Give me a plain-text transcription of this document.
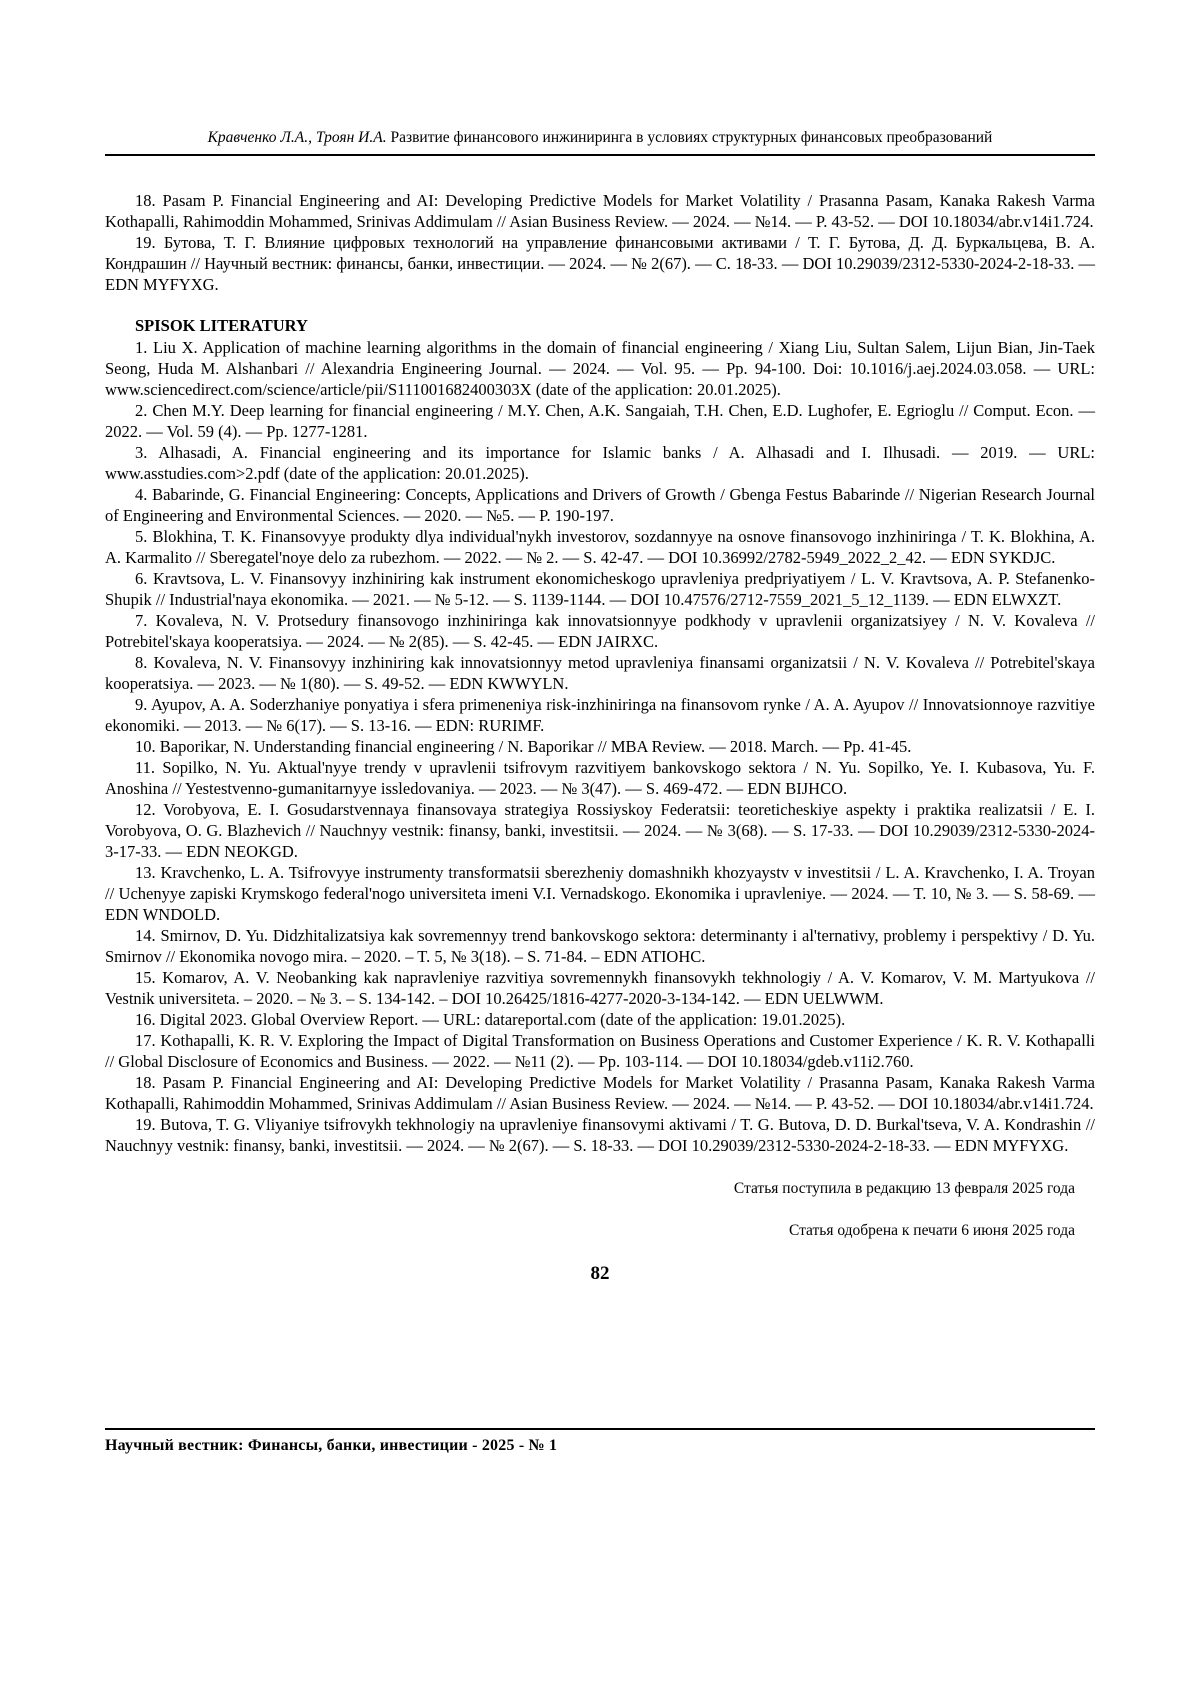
Кравченко Л.А., Троян И.А. Развитие финансового инжиниринга в условиях структурных финансовых преобразований

18. Pasam P. Financial Engineering and AI: Developing Predictive Models for Market Volatility / Prasanna Pasam, Kanaka Rakesh Varma Kothapalli, Rahimoddin Mohammed, Srinivas Addimulam // Asian Business Review. — 2024. — №14. — P. 43-52. — DOI 10.18034/abr.v14i1.724.

19. Бутова, Т. Г. Влияние цифровых технологий на управление финансовыми активами / Т. Г. Бутова, Д. Д. Буркальцева, В. А. Кондрашин // Научный вестник: финансы, банки, инвестиции. — 2024. — № 2(67). — С. 18-33. — DOI 10.29039/2312-5330-2024-2-18-33. — EDN MYFYXG.

SPISOK LITERATURY

1. Liu X. Application of machine learning algorithms in the domain of financial engineering / Xiang Liu, Sultan Salem, Lijun Bian, Jin-Taek Seong, Huda M. Alshanbari // Alexandria Engineering Journal. — 2024. — Vol. 95. — Pp. 94-100. Doi: 10.1016/j.aej.2024.03.058. — URL: www.sciencedirect.com/science/article/pii/S111001682400303X (date of the application: 20.01.2025).

2. Chen M.Y. Deep learning for financial engineering / M.Y. Chen, A.K. Sangaiah, T.H. Chen, E.D. Lughofer, E. Egrioglu // Comput. Econ. — 2022. — Vol. 59 (4). — Pp. 1277-1281.

3. Alhasadi, A. Financial engineering and its importance for Islamic banks / A. Alhasadi and I. Ilhusadi. — 2019. — URL: www.asstudies.com>2.pdf (date of the application: 20.01.2025).

4. Babarinde, G. Financial Engineering: Concepts, Applications and Drivers of Growth / Gbenga Festus Babarinde // Nigerian Research Journal of Engineering and Environmental Sciences. — 2020. — №5. — P. 190-197.

5. Blokhina, T. K. Finansovyye produkty dlya individual'nykh investorov, sozdannyye na osnove finansovogo inzhiniringa / T. K. Blokhina, A. A. Karmalito // Sberegatel'noye delo za rubezhom. — 2022. — № 2. — S. 42-47. — DOI 10.36992/2782-5949_2022_2_42. — EDN SYKDJC.

6. Kravtsova, L. V. Finansovyy inzhiniring kak instrument ekonomicheskogo upravleniya predpriyatiyem / L. V. Kravtsova, A. P. Stefanenko-Shupik // Industrial'naya ekonomika. — 2021. — № 5-12. — S. 1139-1144. — DOI 10.47576/2712-7559_2021_5_12_1139. — EDN ELWXZT.

7. Kovaleva, N. V. Protsedury finansovogo inzhiniringa kak innovatsionnyye podkhody v upravlenii organizatsiyey / N. V. Kovaleva // Potrebitel'skaya kooperatsiya. — 2024. — № 2(85). — S. 42-45. — EDN JAIRXC.

8. Kovaleva, N. V. Finansovyy inzhiniring kak innovatsionnyy metod upravleniya finansami organizatsii / N. V. Kovaleva // Potrebitel'skaya kooperatsiya. — 2023. — № 1(80). — S. 49-52. — EDN KWWYLN.

9. Ayupov, A. A. Soderzhaniye ponyatiya i sfera primeneniya risk-inzhiniringa na finansovom rynke / A. A. Ayupov // Innovatsionnoye razvitiye ekonomiki. — 2013. — № 6(17). — S. 13-16. — EDN: RURIMF.

10. Baporikar, N. Understanding financial engineering / N. Baporikar // MBA Review. — 2018. March. — Pp. 41-45.

11. Sopilko, N. Yu. Aktual'nyye trendy v upravlenii tsifrovym razvitiyem bankovskogo sektora / N. Yu. Sopilko, Ye. I. Kubasova, Yu. F. Anoshina // Yestestvenno-gumanitarnyye issledovaniya. — 2023. — № 3(47). — S. 469-472. — EDN BIJHCO.

12. Vorobyova, E. I. Gosudarstvennaya finansovaya strategiya Rossiyskoy Federatsii: teoreticheskiye aspekty i praktika realizatsii / E. I. Vorobyova, O. G. Blazhevich // Nauchnyy vestnik: finansy, banki, investitsii. — 2024. — № 3(68). — S. 17-33. — DOI 10.29039/2312-5330-2024-3-17-33. — EDN NEOKGD.

13. Kravchenko, L. A. Tsifrovyye instrumenty transformatsii sberezheniy domashnikh khozyaystv v investitsii / L. A. Kravchenko, I. A. Troyan // Uchenyye zapiski Krymskogo federal'nogo universiteta imeni V.I. Vernadskogo. Ekonomika i upravleniye. — 2024. — T. 10, № 3. — S. 58-69. — EDN WNDOLD.

14. Smirnov, D. Yu. Didzhitalizatsiya kak sovremennyy trend bankovskogo sektora: determinanty i al'ternativy, problemy i perspektivy / D. Yu. Smirnov // Ekonomika novogo mira. – 2020. – T. 5, № 3(18). – S. 71-84. – EDN ATIOHC.

15. Komarov, A. V. Neobanking kak napravleniye razvitiya sovremennykh finansovykh tekhnologiy / A. V. Komarov, V. M. Martyukova // Vestnik universiteta. – 2020. – № 3. – S. 134-142. – DOI 10.26425/1816-4277-2020-3-134-142. — EDN UELWWM.

16. Digital 2023. Global Overview Report. — URL: datareportal.com (date of the application: 19.01.2025).

17. Kothapalli, K. R. V. Exploring the Impact of Digital Transformation on Business Operations and Customer Experience / K. R. V. Kothapalli // Global Disclosure of Economics and Business. — 2022. — №11 (2). — Pp. 103-114. — DOI 10.18034/gdeb.v11i2.760.

18. Pasam P. Financial Engineering and AI: Developing Predictive Models for Market Volatility / Prasanna Pasam, Kanaka Rakesh Varma Kothapalli, Rahimoddin Mohammed, Srinivas Addimulam // Asian Business Review. — 2024. — №14. — P. 43-52. — DOI 10.18034/abr.v14i1.724.

19. Butova, T. G. Vliyaniye tsifrovykh tekhnologiy na upravleniye finansovymi aktivami / T. G. Butova, D. D. Burkal'tseva, V. A. Kondrashin // Nauchnyy vestnik: finansy, banki, investitsii. — 2024. — № 2(67). — S. 18-33. — DOI 10.29039/2312-5330-2024-2-18-33. — EDN MYFYXG.

Статья поступила в редакцию 13 февраля 2025 года

Статья одобрена к печати 6 июня 2025 года

82
Научный вестник: Финансы, банки, инвестиции - 2025 - № 1
